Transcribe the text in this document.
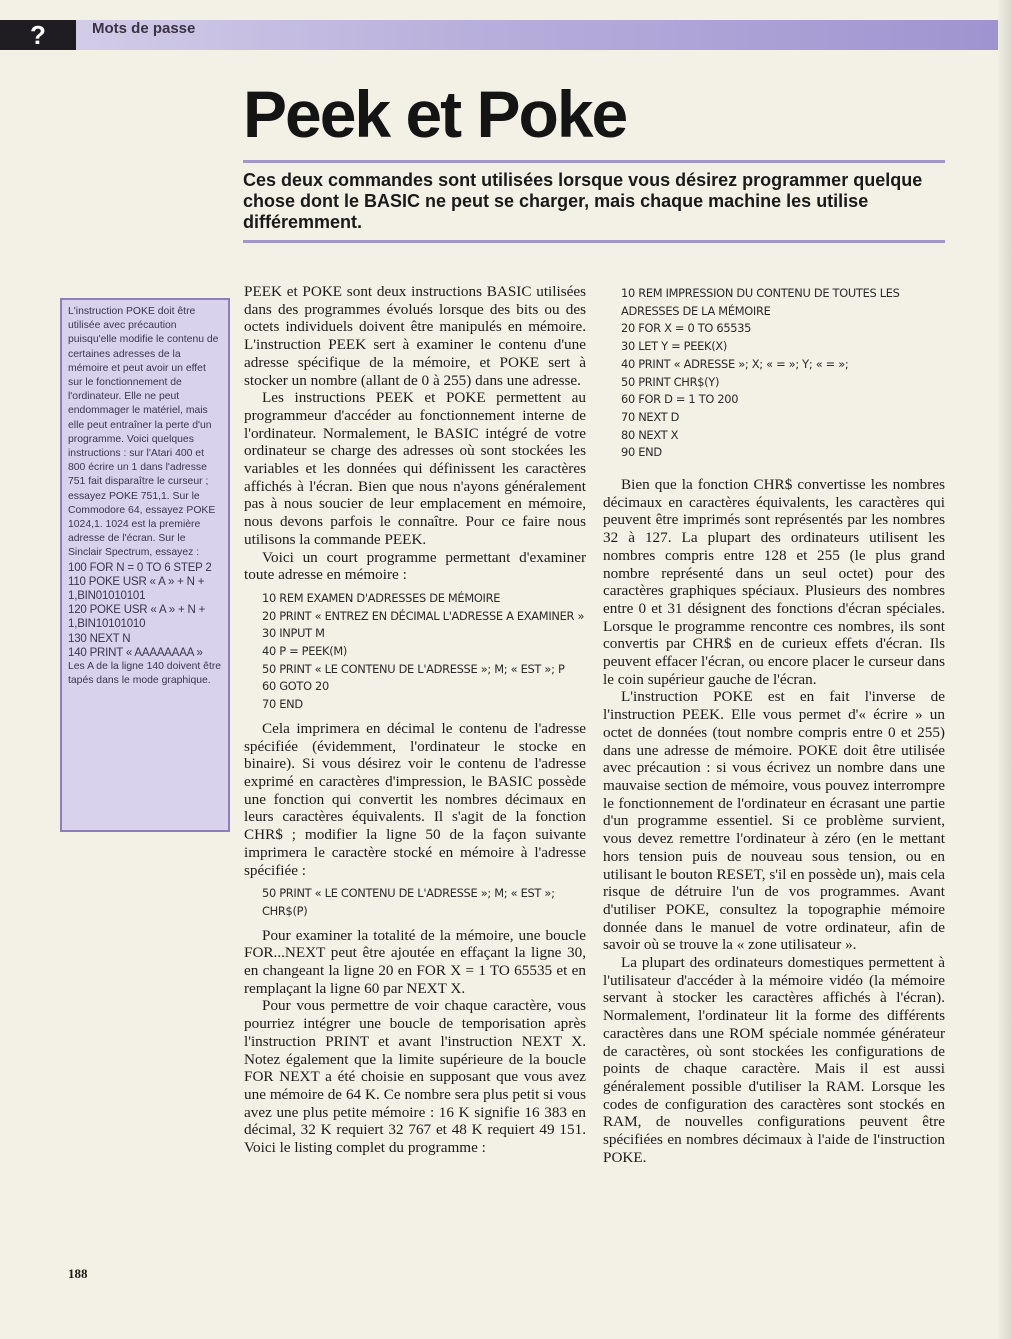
?	Mots de passe
Peek et Poke

Ces deux commandes sont utilisées lorsque vous désirez programmer quelque chose dont le BASIC ne peut se charger, mais chaque machine les utilise différemment.

L'instruction POKE doit être utilisée avec précaution puisqu'elle modifie le contenu de certaines adresses de la mémoire et peut avoir un effet sur le fonctionnement de l'ordinateur. Elle ne peut endommager le matériel, mais elle peut entraîner la perte d'un programme. Voici quelques instructions : sur l'Atari 400 et 800 écrire un 1 dans l'adresse 751 fait disparaître le curseur ; essayez POKE 751,1. Sur le Commodore 64, essayez POKE 1024,1. 1024 est la première adresse de l'écran. Sur le Sinclair Spectrum, essayez :

100 FOR N = 0 TO 6 STEP 2
110 POKE USR « A » + N +
1,BIN01010101
120 POKE USR « A » + N +
1,BIN10101010
130 NEXT N
140 PRINT « AAAAAAAA »

Les A de la ligne 140 doivent être tapés dans le mode graphique.

PEEK et POKE sont deux instructions BASIC utilisées dans des programmes évolués lorsque des bits ou des octets individuels doivent être manipulés en mémoire. L'instruction PEEK sert à examiner le contenu d'une adresse spécifique de la mémoire, et POKE sert à stocker un nombre (allant de 0 à 255) dans une adresse.

Les instructions PEEK et POKE permettent au programmeur d'accéder au fonctionnement interne de l'ordinateur. Normalement, le BASIC intégré de votre ordinateur se charge des adresses où sont stockées les variables et les données qui définissent les caractères affichés à l'écran. Bien que nous n'ayons généralement pas à nous soucier de leur emplacement en mémoire, nous devons parfois le connaître. Pour ce faire nous utilisons la commande PEEK.

Voici un court programme permettant d'examiner toute adresse en mémoire :

10 REM EXAMEN D'ADRESSES DE MÉMOIRE
20 PRINT « ENTREZ EN DÉCIMAL L'ADRESSE A EXAMINER »
30 INPUT M
40 P = PEEK(M)
50 PRINT « LE CONTENU DE L'ADRESSE »; M; « EST »; P
60 GOTO 20
70 END

Cela imprimera en décimal le contenu de l'adresse spécifiée (évidemment, l'ordinateur le stocke en binaire). Si vous désirez voir le contenu de l'adresse exprimé en caractères d'impression, le BASIC possède une fonction qui convertit les nombres décimaux en leurs caractères équivalents. Il s'agit de la fonction CHR$ ; modifier la ligne 50 de la façon suivante imprimera le caractère stocké en mémoire à l'adresse spécifiée :

50 PRINT « LE CONTENU DE L'ADRESSE »; M; « EST »;
CHR$(P)

Pour examiner la totalité de la mémoire, une boucle FOR...NEXT peut être ajoutée en effaçant la ligne 30, en changeant la ligne 20 en FOR X = 1 TO 65535 et en remplaçant la ligne 60 par NEXT X.

Pour vous permettre de voir chaque caractère, vous pourriez intégrer une boucle de temporisation après l'instruction PRINT et avant l'instruction NEXT X. Notez également que la limite supérieure de la boucle FOR NEXT a été choisie en supposant que vous avez une mémoire de 64 K. Ce nombre sera plus petit si vous avez une plus petite mémoire : 16 K signifie 16 383 en décimal, 32 K requiert 32 767 et 48 K requiert 49 151. Voici le listing complet du programme :

10 REM IMPRESSION DU CONTENU DE TOUTES LES
ADRESSES DE LA MÉMOIRE
20 FOR X = 0 TO 65535
30 LET Y = PEEK(X)
40 PRINT « ADRESSE »; X; « = »; Y; « = »;
50 PRINT CHR$(Y)
60 FOR D = 1 TO 200
70 NEXT D
80 NEXT X
90 END

Bien que la fonction CHR$ convertisse les nombres décimaux en caractères équivalents, les caractères qui peuvent être imprimés sont représentés par les nombres 32 à 127. La plupart des ordinateurs utilisent les nombres compris entre 128 et 255 (le plus grand nombre représenté dans un seul octet) pour des caractères graphiques spéciaux. Plusieurs des nombres entre 0 et 31 désignent des fonctions d'écran spéciales. Lorsque le programme rencontre ces nombres, ils sont convertis par CHR$ en de curieux effets d'écran. Ils peuvent effacer l'écran, ou encore placer le curseur dans le coin supérieur gauche de l'écran.

L'instruction POKE est en fait l'inverse de l'instruction PEEK. Elle vous permet d'« écrire » un octet de données (tout nombre compris entre 0 et 255) dans une adresse de mémoire. POKE doit être utilisée avec précaution : si vous écrivez un nombre dans une mauvaise section de mémoire, vous pouvez interrompre le fonctionnement de l'ordinateur en écrasant une partie d'un programme essentiel. Si ce problème survient, vous devez remettre l'ordinateur à zéro (en le mettant hors tension puis de nouveau sous tension, ou en utilisant le bouton RESET, s'il en possède un), mais cela risque de détruire l'un de vos programmes. Avant d'utiliser POKE, consultez la topographie mémoire donnée dans le manuel de votre ordinateur, afin de savoir où se trouve la « zone utilisateur ».

La plupart des ordinateurs domestiques permettent à l'utilisateur d'accéder à la mémoire vidéo (la mémoire servant à stocker les caractères affichés à l'écran). Normalement, l'ordinateur lit la forme des différents caractères dans une ROM spéciale nommée générateur de caractères, où sont stockées les configurations de points de chaque caractère. Mais il est aussi généralement possible d'utiliser la RAM. Lorsque les codes de configuration des caractères sont stockés en RAM, de nouvelles configurations peuvent être spécifiées en nombres décimaux à l'aide de l'instruction POKE.

188
